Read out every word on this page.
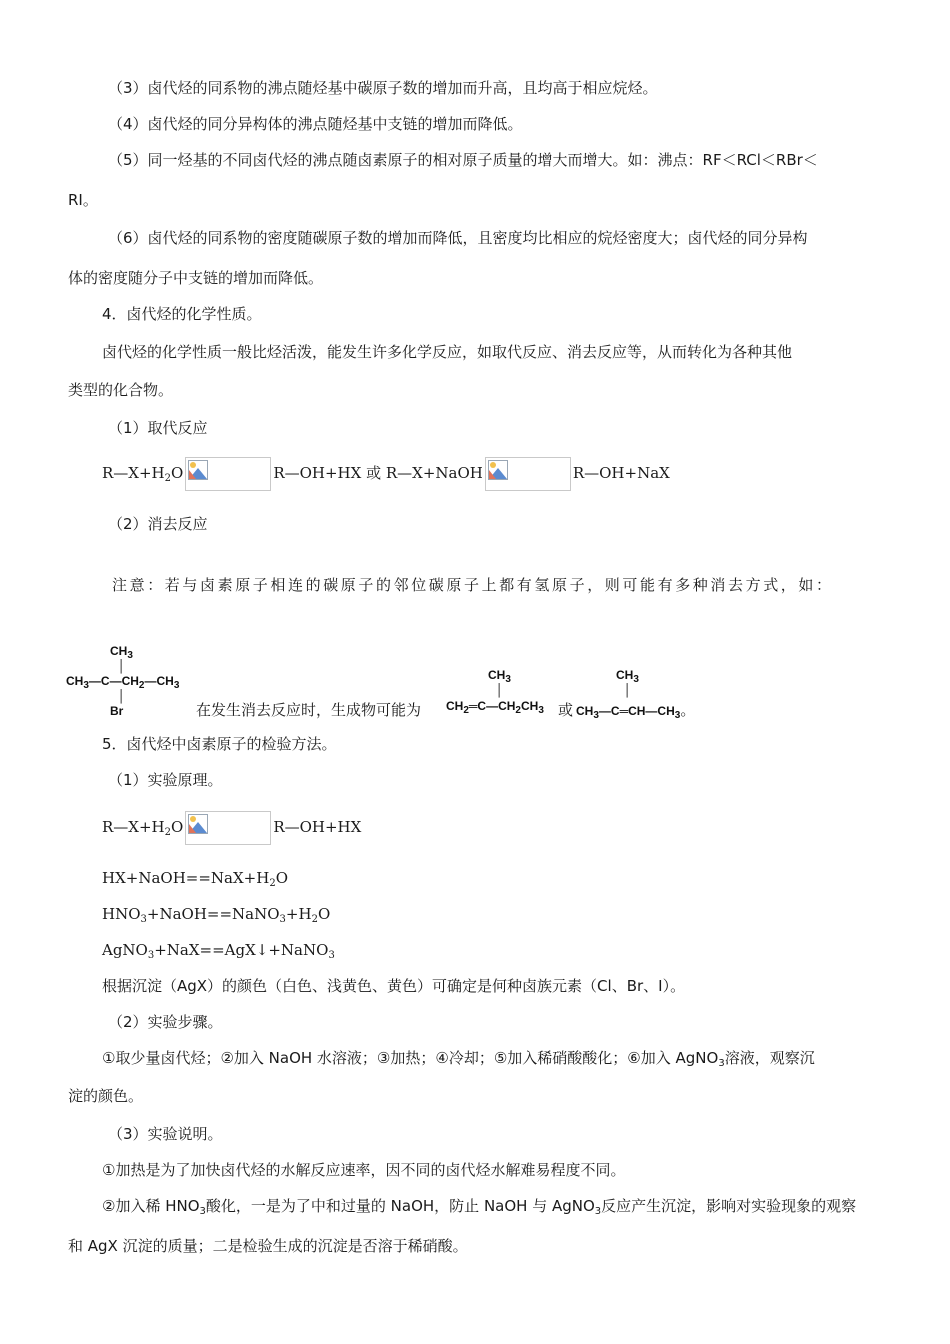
（3）卤代烃的同系物的沸点随烃基中碳原子数的增加而升高，且均高于相应烷烃。
（4）卤代烃的同分异构体的沸点随烃基中支链的增加而降低。
（5）同一烃基的不同卤代烃的沸点随卤素原子的相对原子质量的增大而增大。如：沸点：RF＜RCl＜RBr＜
RI。
（6）卤代烃的同系物的密度随碳原子数的增加而降低，且密度均比相应的烷烃密度大；卤代烃的同分异构
体的密度随分子中支链的增加而降低。
4．卤代烃的化学性质。
卤代烃的化学性质一般比烃活泼，能发生许多化学反应，如取代反应、消去反应等，从而转化为各种其他
类型的化合物。
（1）取代反应
$R—X+H_2O$	R—OH+HX 或 R—X+NaOH	R—OH+NaX
（2）消去反应
注意：若与卤素原子相连的碳原子的邻位碳原子上都有氢原子，则可能有多种消去方式，如：
$CH_3$
│
$CH_3—C—CH_2—CH_3$
│
Br	在发生消去反应时，生成物可能为
$CH_3$
│
$CH_2═C—CH_2CH_3$ 或
$CH_3$
│
$CH_3—C═CH—CH_3$。
5．卤代烃中卤素原子的检验方法。
（1）实验原理。
$R—X+H_2O$	R—OH+HX
$HX+NaOH==NaX+H_2O$
$HNO_3+NaOH==NaNO_3+H_2O$
AgNO$_3$+NaX==AgX↓+NaNO$_3$
根据沉淀（AgX）的颜色（白色、浅黄色、黄色）可确定是何种卤族元素（Cl、Br、I）。
（2）实验步骤。
①取少量卤代烃；②加入 NaOH 水溶液；③加热；④冷却；⑤加入稀硝酸酸化；⑥加入 AgNO$_3$溶液，观察沉
淀的颜色。
（3）实验说明。
①加热是为了加快卤代烃的水解反应速率，因不同的卤代烃水解难易程度不同。
②加入稀 $HNO_3$酸化，一是为了中和过量的 NaOH，防止 NaOH 与 AgNO$_3$反应产生沉淀，影响对实验现象的观察
和 AgX 沉淀的质量；二是检验生成的沉淀是否溶于稀硝酸。
